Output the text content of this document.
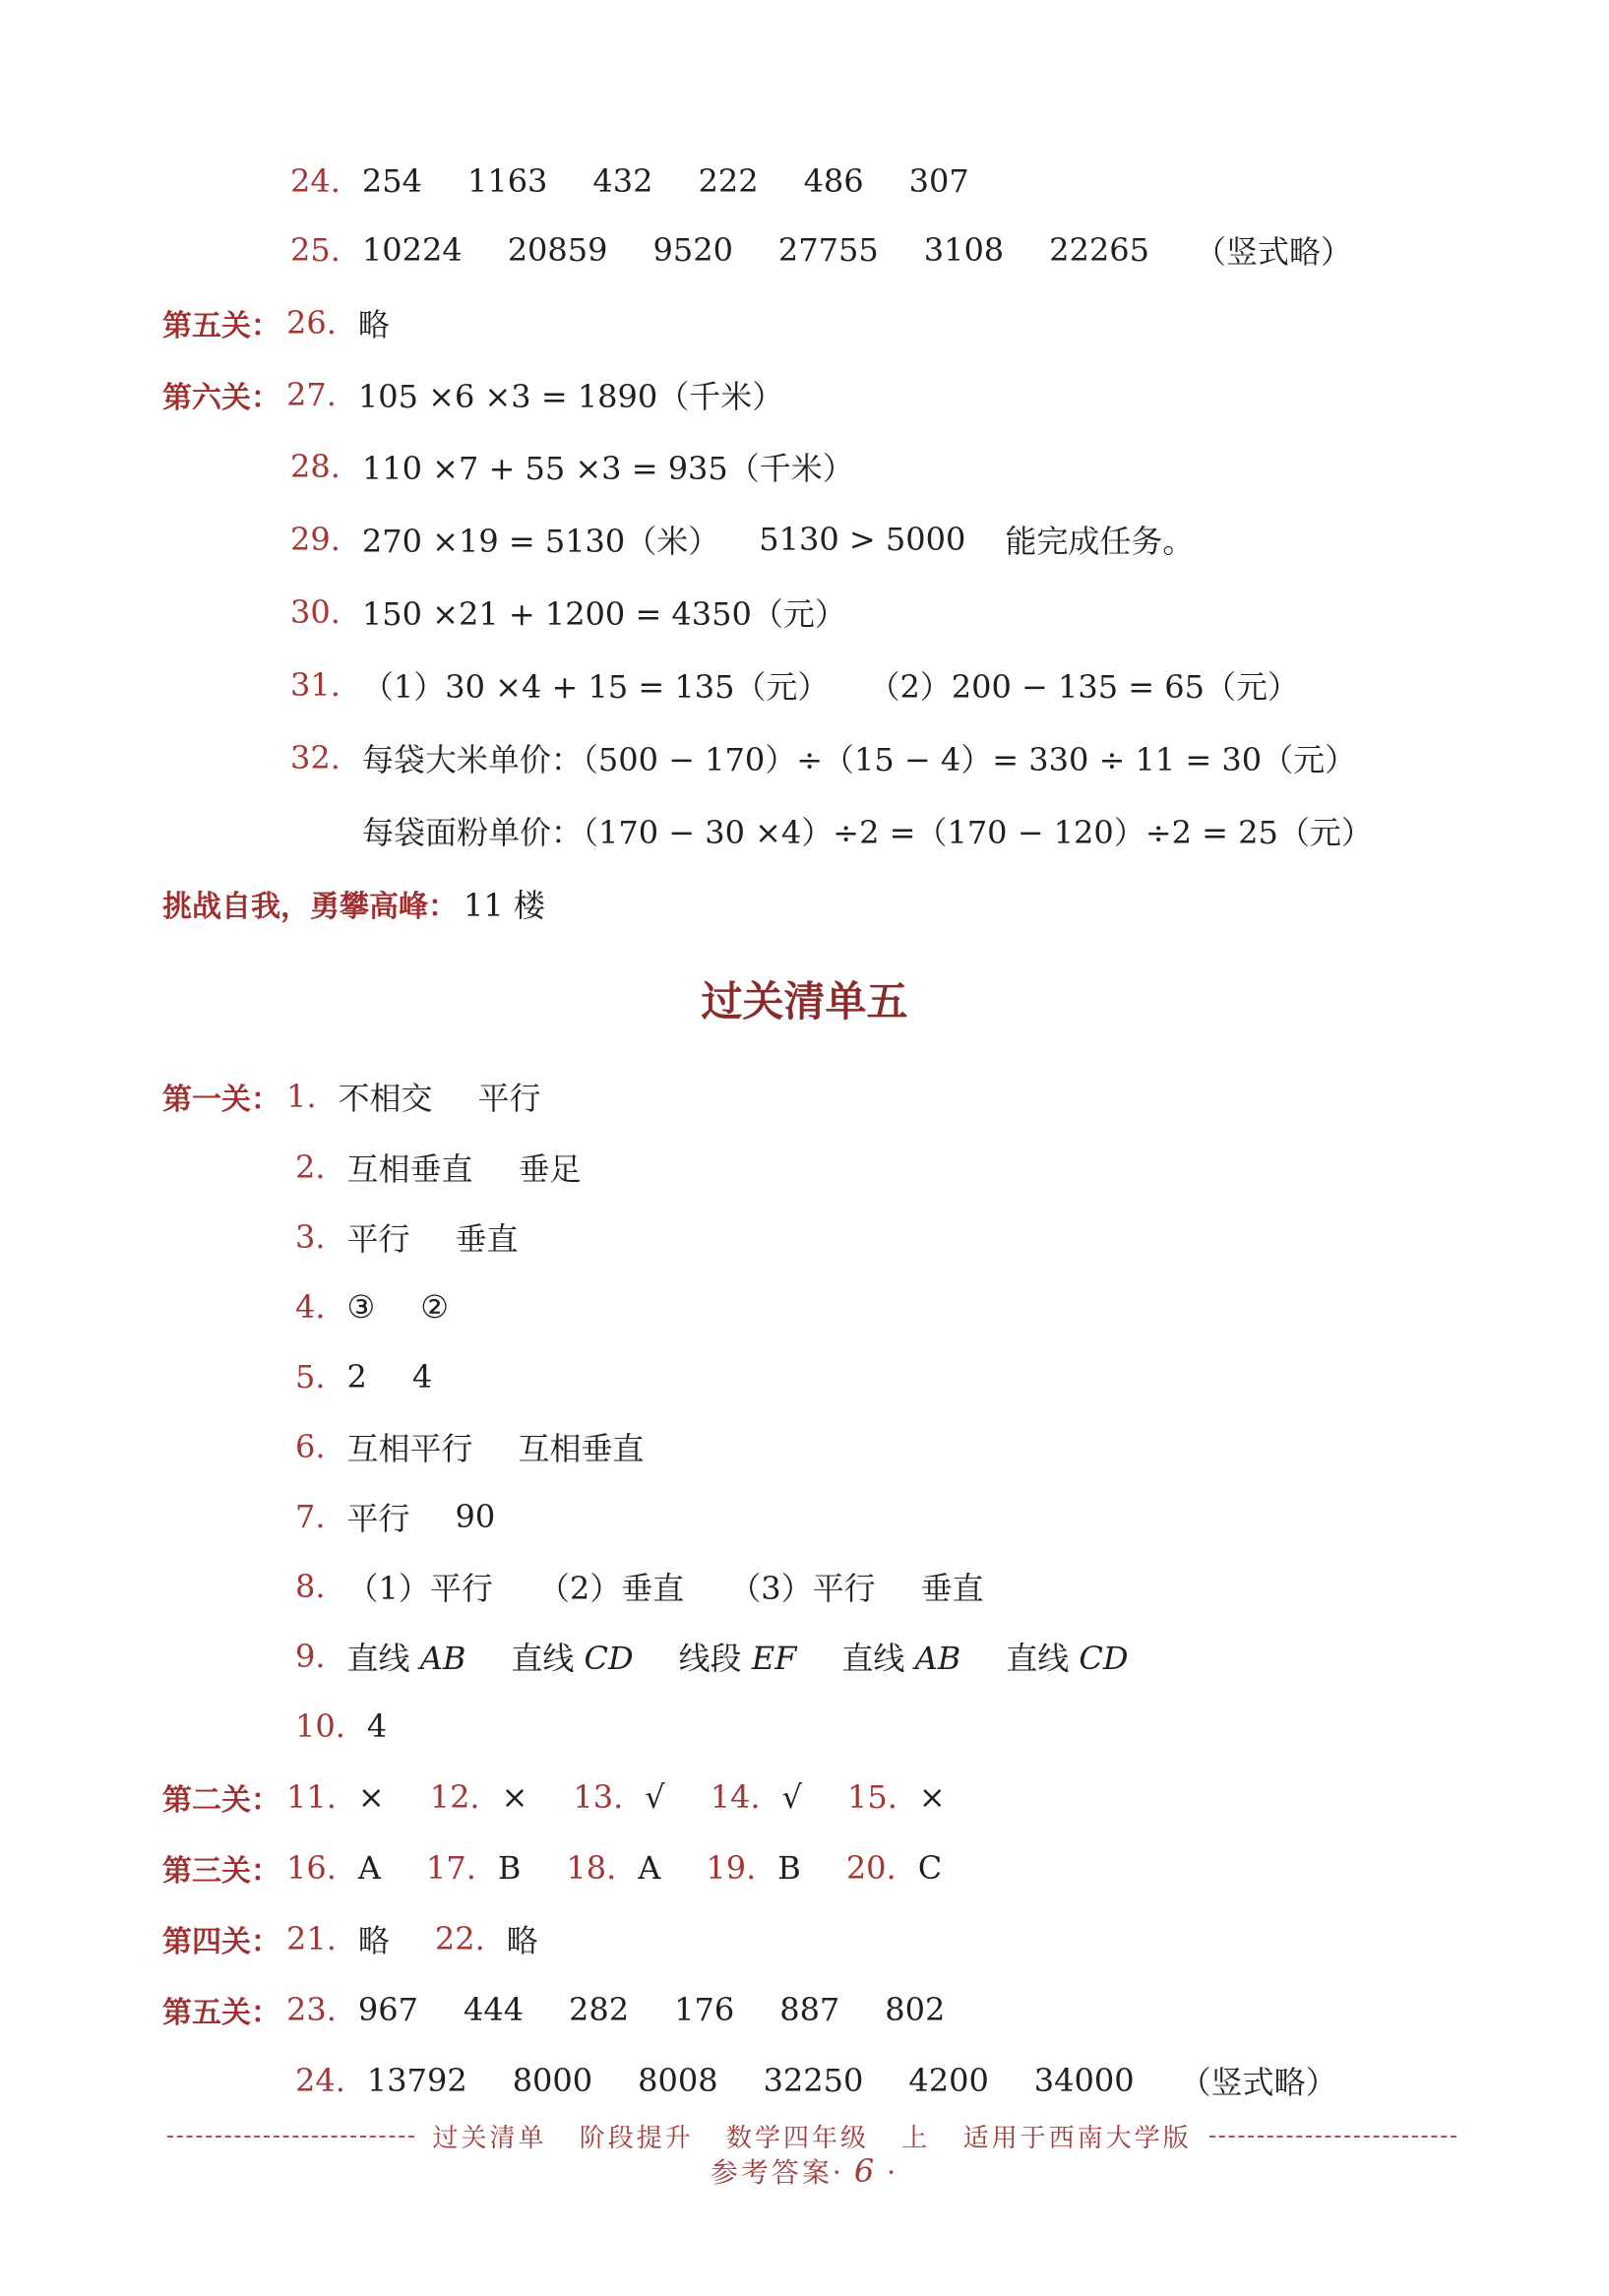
24. 254 1163 432 222 486 307
25. 10224 20859 9520 27755 3108 22265 （竖式略）
第五关： 26. 略
第六关： 27. 105 ×6 ×3 = 1890（千米）
28. 110 ×7 + 55 ×3 = 935（千米）
29. 270 ×19 = 5130（米） 5130 > 5000 能完成任务。
30. 150 ×21 + 1200 = 4350（元）
31. （1）30 ×4 + 15 = 135（元） （2）200 − 135 = 65（元）
32. 每袋大米单价：（500 − 170）÷（15 − 4）= 330 ÷ 11 = 30（元）
每袋面粉单价：（170 − 30 ×4）÷2 =（170 − 120）÷2 = 25（元）
挑战自我，勇攀高峰： 11 楼
过关清单五
第一关： 1. 不相交 平行
2. 互相垂直 垂足
3. 平行 垂直
4. ③ ②
5. 2 4
6. 互相平行 互相垂直
7. 平行 90
8. （1）平行 （2）垂直 （3）平行 垂直
9. 直线 AB 直线 CD 线段 EF 直线 AB 直线 CD
10. 4
第二关： 11. × 12. × 13. √ 14. √ 15. ×
第三关： 16. A 17. B 18. A 19. B 20. C
第四关： 21. 略 22. 略
第五关： 23. 967 444 282 176 887 802
24. 13792 8000 8008 32250 4200 34000 （竖式略）
过关清单 阶段提升 数学四年级 上 适用于西南大学版
参考答案· 6 ·
